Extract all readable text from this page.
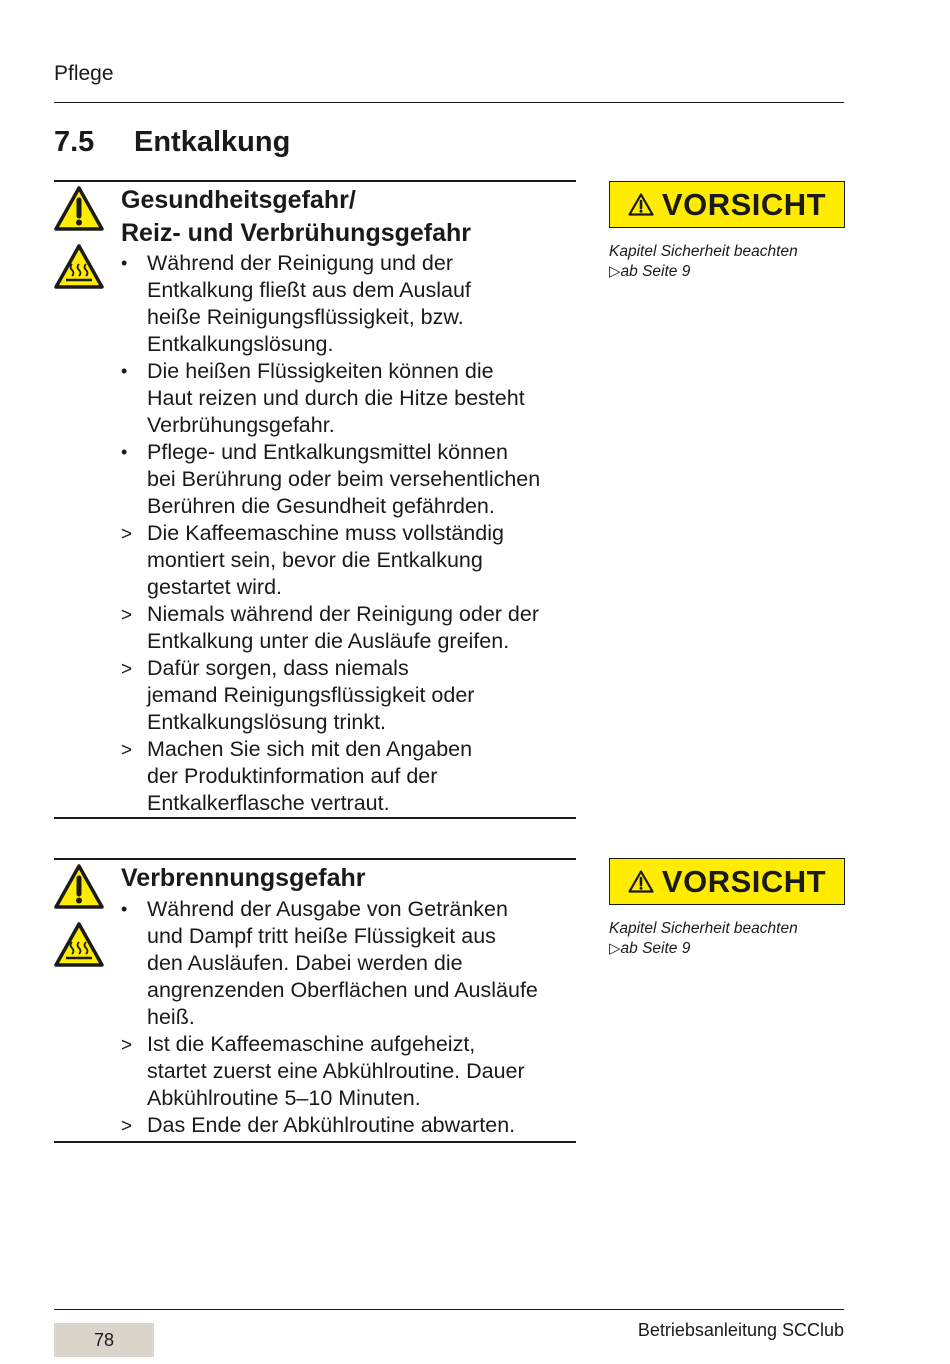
Pflege
7.5 Entkalkung
Gesundheitsgefahr/
Reiz- und Verbrühungsgefahr
• Während der Reinigung und der
Entkalkung fließt aus dem Auslauf
heiße Reinigungsflüssigkeit, bzw.
Entkalkungslösung.
• Die heißen Flüssigkeiten können die
Haut reizen und durch die Hitze besteht
Verbrühungsgefahr.
• Pflege- und Entkalkungsmittel können
bei Berührung oder beim versehentlichen
Berühren die Gesundheit gefährden.
> Die Kaffeemaschine muss vollständig
montiert sein, bevor die Entkalkung
gestartet wird.
> Niemals während der Reinigung oder der
Entkalkung unter die Ausläufe greifen.
> Dafür sorgen, dass niemals
jemand Reinigungsflüssigkeit oder
Entkalkungslösung trinkt.
> Machen Sie sich mit den Angaben
der Produktinformation auf der
Entkalkerflasche vertraut.
VORSICHT
Kapitel Sicherheit beachten
▷ab Seite 9
Verbrennungsgefahr
• Während der Ausgabe von Getränken
und Dampf tritt heiße Flüssigkeit aus
den Ausläufen. Dabei werden die
angrenzenden Oberflächen und Ausläufe
heiß.
> Ist die Kaffeemaschine aufgeheizt,
startet zuerst eine Abkühlroutine. Dauer
Abkühlroutine 5–10 Minuten.
> Das Ende der Abkühlroutine abwarten.
VORSICHT
Kapitel Sicherheit beachten
▷ab Seite 9
78	Betriebsanleitung SCClub
